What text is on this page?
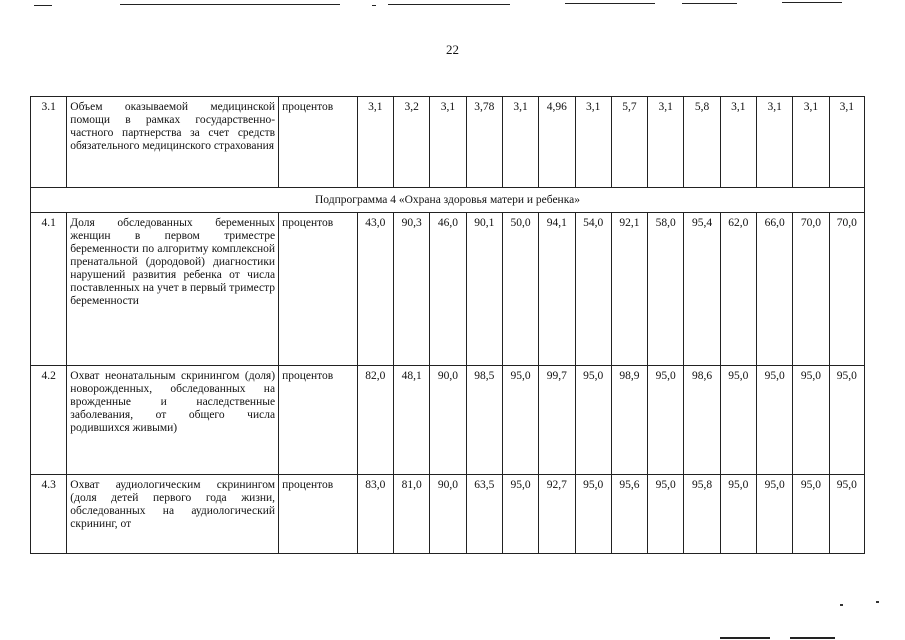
22
3.1	Объем оказываемой медицинской помощи в рамках государственно-частного партнерства за счет средств обязательного медицинского страхования	процентов	3,1	3,2	3,1	3,78	3,1	4,96	3,1	5,7	3,1	5,8	3,1	3,1	3,1	3,1
Подпрограмма 4 «Охрана здоровья матери и ребенка»																
4.1	Доля обследованных беременных женщин в первом триместре беременности по алгоритму комплексной пренатальной (дородовой) диагностики нарушений развития ребенка от числа поставленных на учет в первый триместр беременности	процентов	43,0	90,3	46,0	90,1	50,0	94,1	54,0	92,1	58,0	95,4	62,0	66,0	70,0	70,0
4.2	Охват неонатальным скринингом (доля) новорожденных, обследованных на врожденные и наследственные заболевания, от общего числа родившихся живыми)	процентов	82,0	48,1	90,0	98,5	95,0	99,7	95,0	98,9	95,0	98,6	95,0	95,0	95,0	95,0
4.3	Охват аудиологическим скринингом (доля детей первого года жизни, обследованных на аудиологический скрининг, от	процентов	83,0	81,0	90,0	63,5	95,0	92,7	95,0	95,6	95,0	95,8	95,0	95,0	95,0	95,0
